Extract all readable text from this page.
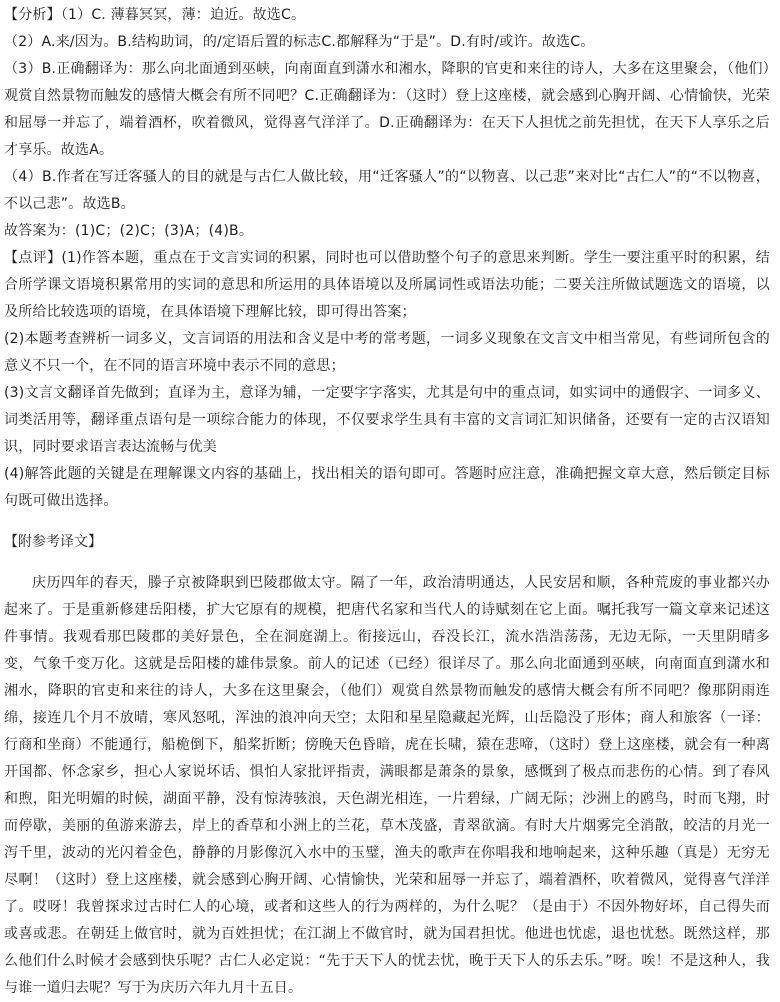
【分析】（1）C. 薄暮冥冥，薄：迫近。故选C。

（2）A.来/因为。B.结构助词，的/定语后置的标志C.都解释为“于是”。D.有时/或许。故选C。

（3）B.正确翻译为：那么向北面通到巫峡，向南面直到潇水和湘水，降职的官吏和来往的诗人，大多在这里聚会，（他们）观赏自然景物而触发的感情大概会有所不同吧？C.正确翻译为：（这时）登上这座楼，就会感到心胸开阔、心情愉快，光荣和屈辱一并忘了，端着酒杯，吹着微风，觉得喜气洋洋了。D.正确翻译为：在天下人担忧之前先担忧，在天下人享乐之后才享乐。故选A。

（4）B.作者在写迁客骚人的目的就是与古仁人做比较，用“迁客骚人”的“以物喜、以己悲”来对比“古仁人”的“不以物喜，不以己悲”。故选B。

故答案为：(1)C；(2)C；(3)A；(4)B。

【点评】(1)作答本题，重点在于文言实词的积累，同时也可以借助整个句子的意思来判断。学生一要注重平时的积累，结合所学课文语境积累常用的实词的意思和所运用的具体语境以及所属词性或语法功能；二要关注所做试题选文的语境，以及所给比较选项的语境，在具体语境下理解比较，即可得出答案；

(2)本题考查辨析一词多义，文言词语的用法和含义是中考的常考题，一词多义现象在文言文中相当常见，有些词所包含的意义不只一个，在不同的语言环境中表示不同的意思；

(3)文言文翻译首先做到；直译为主，意译为辅，一定要字字落实，尤其是句中的重点词，如实词中的通假字、一词多义、词类活用等，翻译重点语句是一项综合能力的体现，不仅要求学生具有丰富的文言词汇知识储备，还要有一定的古汉语知识，同时要求语言表达流畅与优美

(4)解答此题的关键是在理解课文内容的基础上，找出相关的语句即可。答题时应注意，准确把握文章大意，然后锁定目标句既可做出选择。

【附参考译文】

庆历四年的春天，滕子京被降职到巴陵郡做太守。隔了一年，政治清明通达，人民安居和顺，各种荒废的事业都兴办起来了。于是重新修建岳阳楼，扩大它原有的规模，把唐代名家和当代人的诗赋刻在它上面。嘱托我写一篇文章来记述这件事情。我观看那巴陵郡的美好景色，全在洞庭湖上。衔接远山，吞没长江，流水浩浩荡荡，无边无际，一天里阴晴多变，气象千变万化。这就是岳阳楼的雄伟景象。前人的记述（已经）很详尽了。那么向北面通到巫峡，向南面直到潇水和湘水，降职的官吏和来往的诗人，大多在这里聚会，（他们）观赏自然景物而触发的感情大概会有所不同吧？像那阴雨连绵，接连几个月不放晴，寒风怒吼，浑浊的浪冲向天空；太阳和星星隐藏起光辉，山岳隐没了形体；商人和旅客（一译：行商和坐商）不能通行，船桅倒下，船桨折断；傍晚天色昏暗，虎在长啸，猿在悲啼，（这时）登上这座楼，就会有一种离开国都、怀念家乡，担心人家说坏话、惧怕人家批评指责，满眼都是萧条的景象，感慨到了极点而悲伤的心情。到了春风和煦，阳光明媚的时候，湖面平静，没有惊涛骇浪，天色湖光相连，一片碧绿，广阔无际；沙洲上的鸥鸟，时而飞翔，时而停歇，美丽的鱼游来游去，岸上的香草和小洲上的兰花，草木茂盛，青翠欲滴。有时大片烟雾完全消散，皎洁的月光一泻千里，波动的光闪着金色，静静的月影像沉入水中的玉璧，渔夫的歌声在你唱我和地响起来，这种乐趣（真是）无穷无尽啊！（这时）登上这座楼，就会感到心胸开阔、心情愉快，光荣和屈辱一并忘了，端着酒杯，吹着微风，觉得喜气洋洋了。哎呀！我曾探求过古时仁人的心境，或者和这些人的行为两样的，为什么呢？（是由于）不因外物好坏，自己得失而或喜或悲。在朝廷上做官时，就为百姓担忧；在江湖上不做官时，就为国君担忧。他进也忧虑，退也忧愁。既然这样，那么他们什么时候才会感到快乐呢？古仁人必定说：“先于天下人的忧去忧，晚于天下人的乐去乐。”呀。唉！不是这种人，我与谁一道归去呢？写于为庆历六年九月十五日。
